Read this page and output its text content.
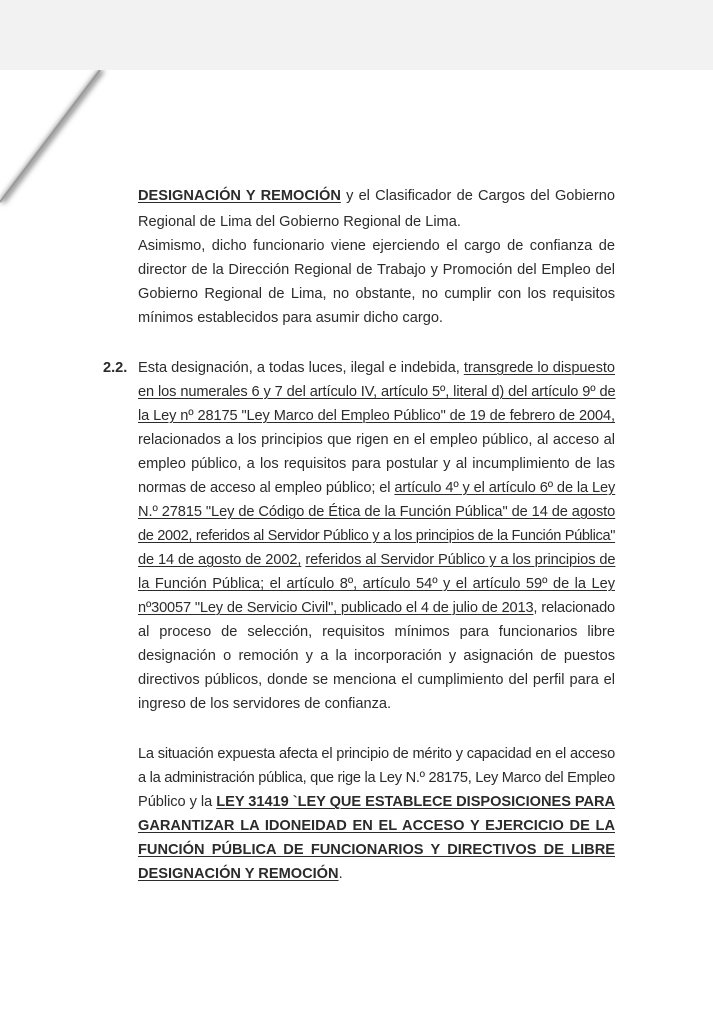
DESIGNACIÓN Y REMOCIÓN y el Clasificador de Cargos del Gobierno
Regional de Lima del Gobierno Regional de Lima.
Asimismo, dicho funcionario viene ejerciendo el cargo de confianza de
director de la Dirección Regional de Trabajo y Promoción del Empleo del
Gobierno Regional de Lima, no obstante, no cumplir con los requisitos
mínimos establecidos para asumir dicho cargo.
2.2. Esta designación, a todas luces, ilegal e indebida, transgrede lo dispuesto
en los numerales 6 y 7 del artículo IV, artículo 5º, literal d) del artículo 9º de
la Ley nº 28175 "Ley Marco del Empleo Público" de 19 de febrero de 2004,
relacionados a los principios que rigen en el empleo público, al acceso al
empleo público, a los requisitos para postular y al incumplimiento de las
normas de acceso al empleo público; el artículo 4º y el artículo 6º de la Ley
N.º 27815 "Ley de Código de Ética de la Función Pública" de 14 de agosto
de 2002, referidos al Servidor Público y a los principios de la Función Pública"
de 14 de agosto de 2002, referidos al Servidor Público y a los principios de
la Función Pública; el artículo 8º, artículo 54º y el artículo 59º de la Ley
nº30057 "Ley de Servicio Civil", publicado el 4 de julio de 2013, relacionado
al proceso de selección, requisitos mínimos para funcionarios libre
designación o remoción y a la incorporación y asignación de puestos
directivos públicos, donde se menciona el cumplimiento del perfil para el
ingreso de los servidores de confianza.
La situación expuesta afecta el principio de mérito y capacidad en el acceso
a la administración pública, que rige la Ley N.º 28175, Ley Marco del Empleo
Público y la LEY 31419 `LEY QUE ESTABLECE DISPOSICIONES PARA
GARANTIZAR LA IDONEIDAD EN EL ACCESO Y EJERCICIO DE LA
FUNCIÓN PÚBLICA DE FUNCIONARIOS Y DIRECTIVOS DE LIBRE
DESIGNACIÓN Y REMOCIÓN.
